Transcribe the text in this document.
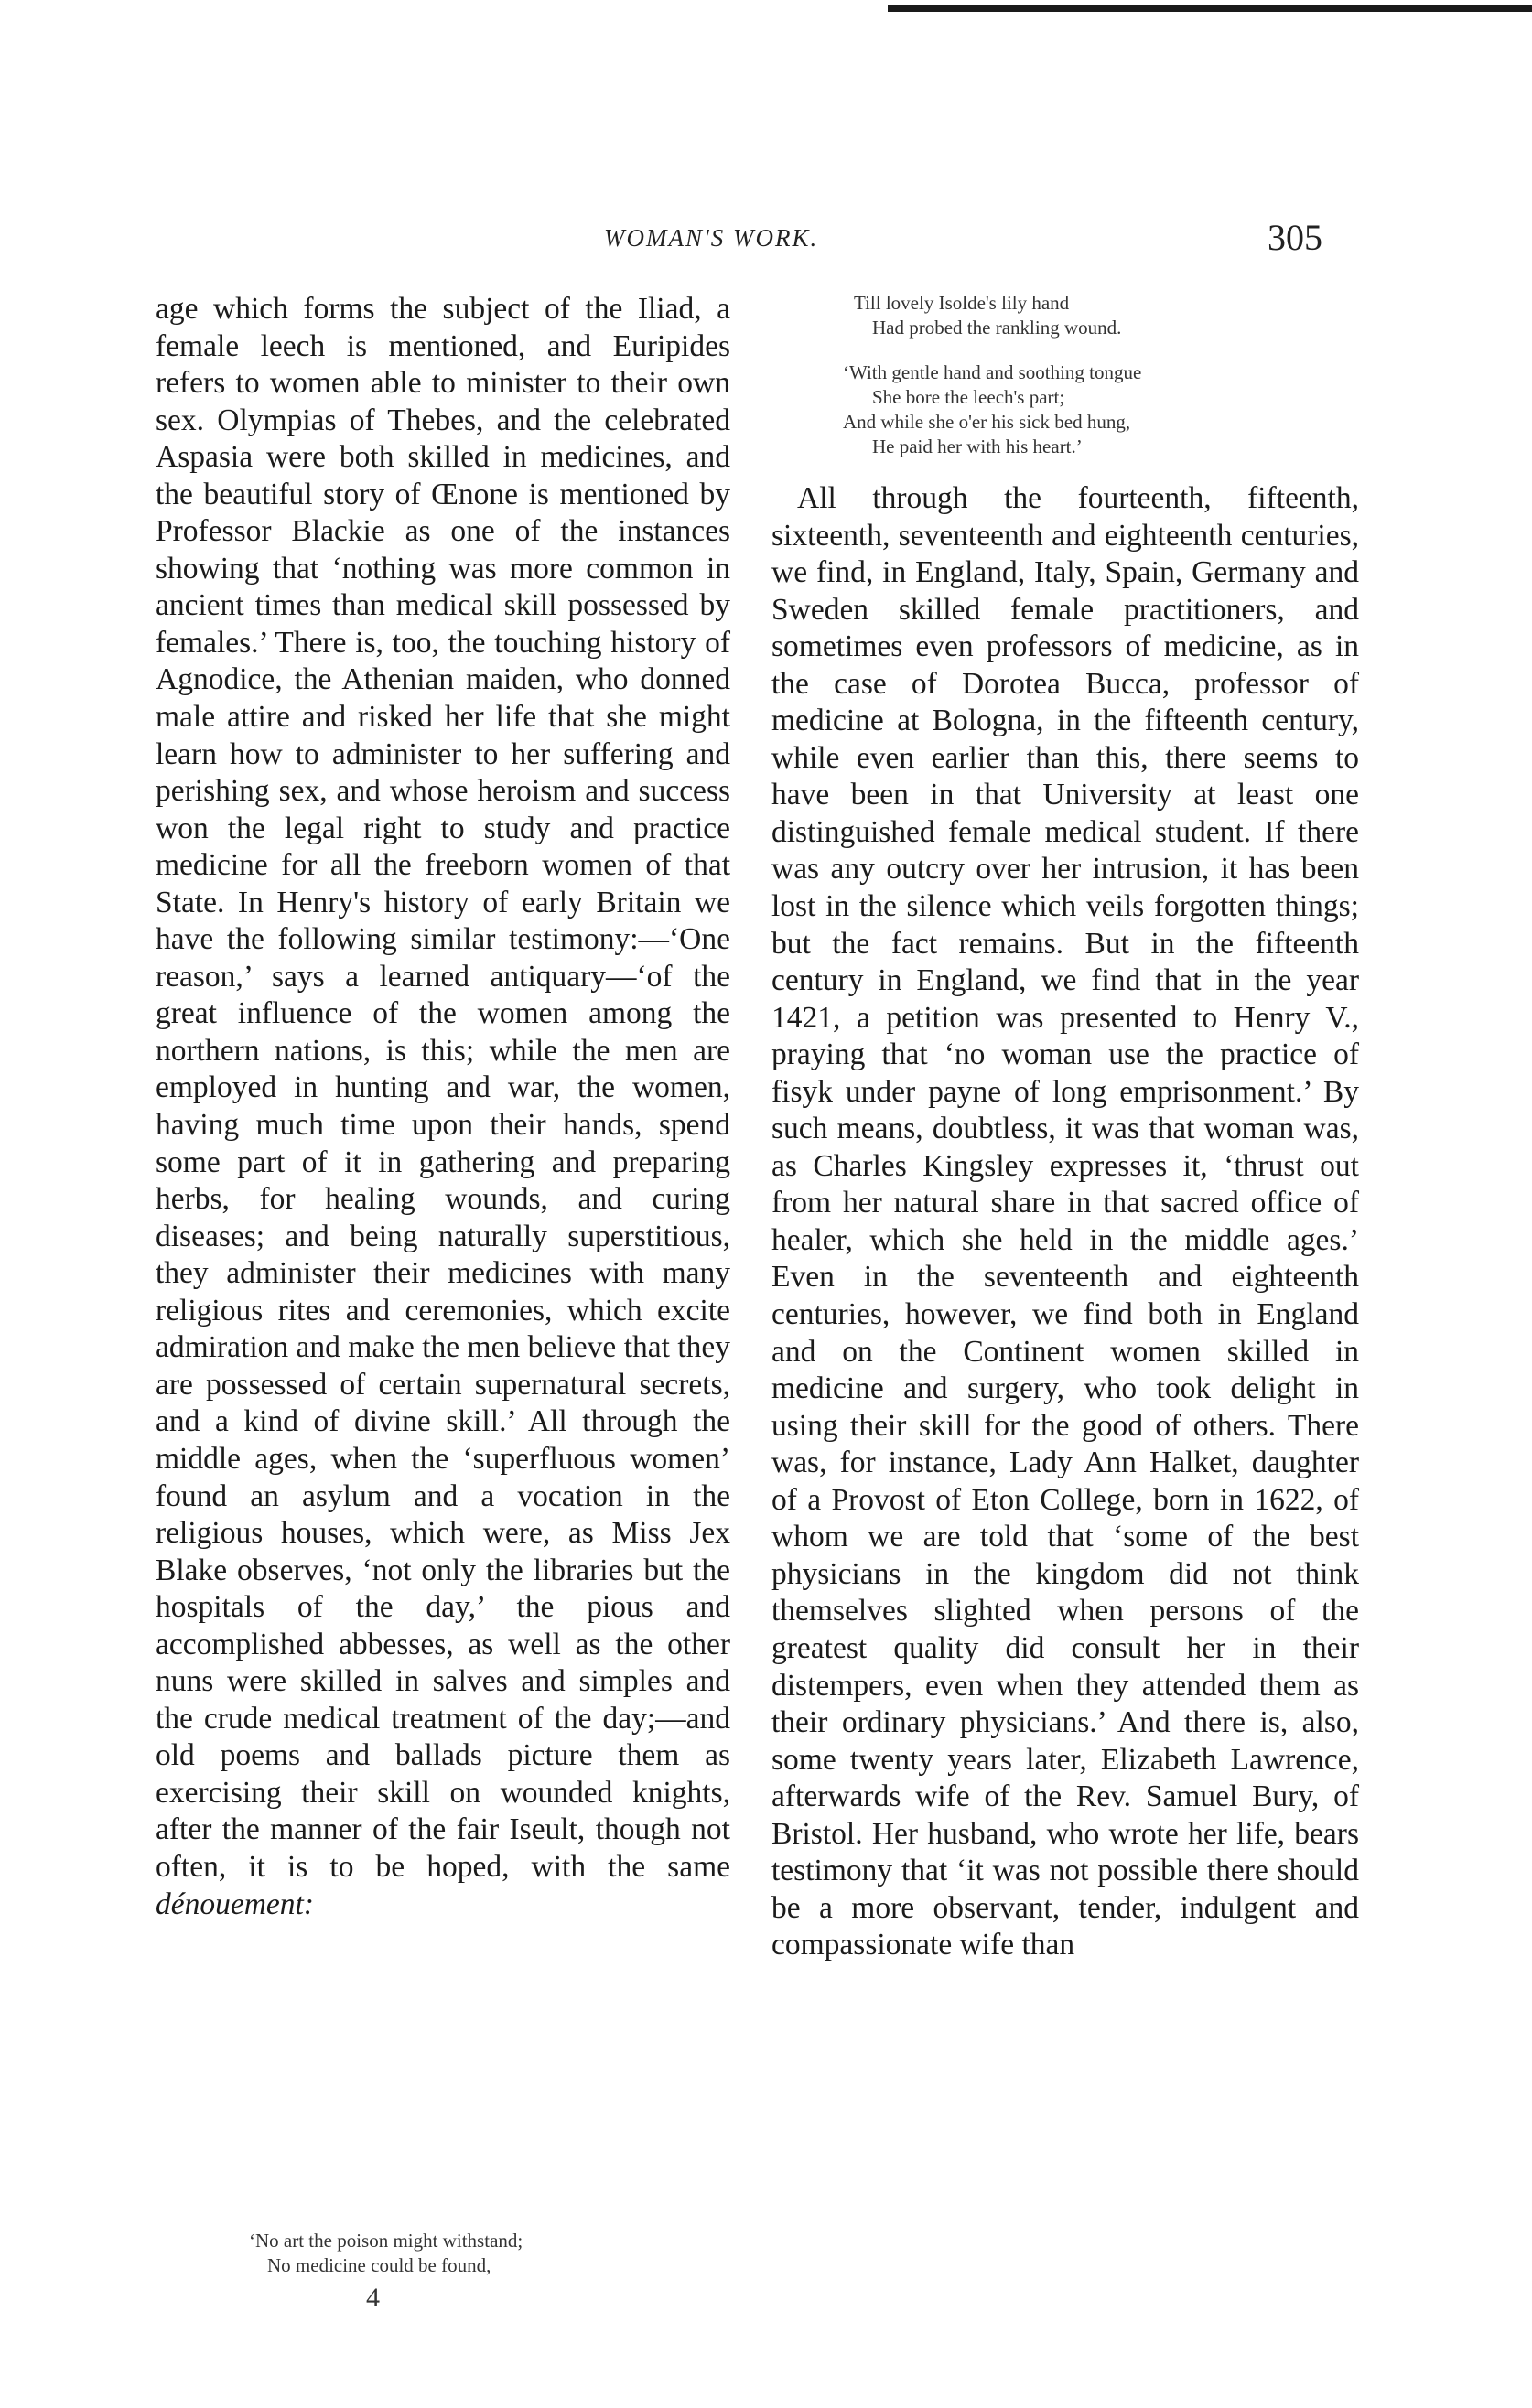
WOMAN'S WORK.	305

age which forms the subject of the Iliad, a female leech is mentioned, and Euripides refers to women able to minister to their own sex. Olympias of Thebes, and the celebrated Aspasia were both skilled in medicines, and the beautiful story of Œnone is mentioned by Professor Blackie as one of the instances showing that ‘nothing was more common in ancient times than medical skill possessed by females.’ There is, too, the touching history of Agnodice, the Athenian maiden, who donned male attire and risked her life that she might learn how to administer to her suffering and perishing sex, and whose heroism and success won the legal right to study and practice medicine for all the freeborn women of that State. In Henry's history of early Britain we have the following similar testimony:—‘One reason,’ says a learned antiquary—‘of the great influence of the women among the northern nations, is this; while the men are employed in hunting and war, the women, having much time upon their hands, spend some part of it in gathering and preparing herbs, for healing wounds, and curing diseases; and being naturally superstitious, they administer their medicines with many religious rites and ceremonies, which excite admiration and make the men believe that they are possessed of certain supernatural secrets, and a kind of divine skill.’ All through the middle ages, when the ‘superfluous women’ found an asylum and a vocation in the religious houses, which were, as Miss Jex Blake observes, ‘not only the libraries but the hospitals of the day,’ the pious and accomplished abbesses, as well as the other nuns were skilled in salves and simples and the crude medical treatment of the day;—and old poems and ballads picture them as exercising their skill on wounded knights, after the manner of the fair Iseult, though not often, it is to be hoped, with the same dénouement:

‘No art the poison might withstand;
No medicine could be found,
4
Till lovely Isolde's lily hand
Had probed the rankling wound.
‘With gentle hand and soothing tongue
She bore the leech's part;
And while she o'er his sick bed hung,
He paid her with his heart.’

All through the fourteenth, fifteenth, sixteenth, seventeenth and eighteenth centuries, we find, in England, Italy, Spain, Germany and Sweden skilled female practitioners, and sometimes even professors of medicine, as in the case of Dorotea Bucca, professor of medicine at Bologna, in the fifteenth century, while even earlier than this, there seems to have been in that University at least one distinguished female medical student. If there was any outcry over her intrusion, it has been lost in the silence which veils forgotten things; but the fact remains. But in the fifteenth century in England, we find that in the year 1421, a petition was presented to Henry V., praying that ‘no woman use the practice of fisyk under payne of long emprisonment.’ By such means, doubtless, it was that woman was, as Charles Kingsley expresses it, ‘thrust out from her natural share in that sacred office of healer, which she held in the middle ages.’ Even in the seventeenth and eighteenth centuries, however, we find both in England and on the Continent women skilled in medicine and surgery, who took delight in using their skill for the good of others. There was, for instance, Lady Ann Halket, daughter of a Provost of Eton College, born in 1622, of whom we are told that ‘some of the best physicians in the kingdom did not think themselves slighted when persons of the greatest quality did consult her in their distempers, even when they attended them as their ordinary physicians.’ And there is, also, some twenty years later, Elizabeth Lawrence, afterwards wife of the Rev. Samuel Bury, of Bristol. Her husband, who wrote her life, bears testimony that ‘it was not possible there should be a more observant, tender, indulgent and compassionate wife than
